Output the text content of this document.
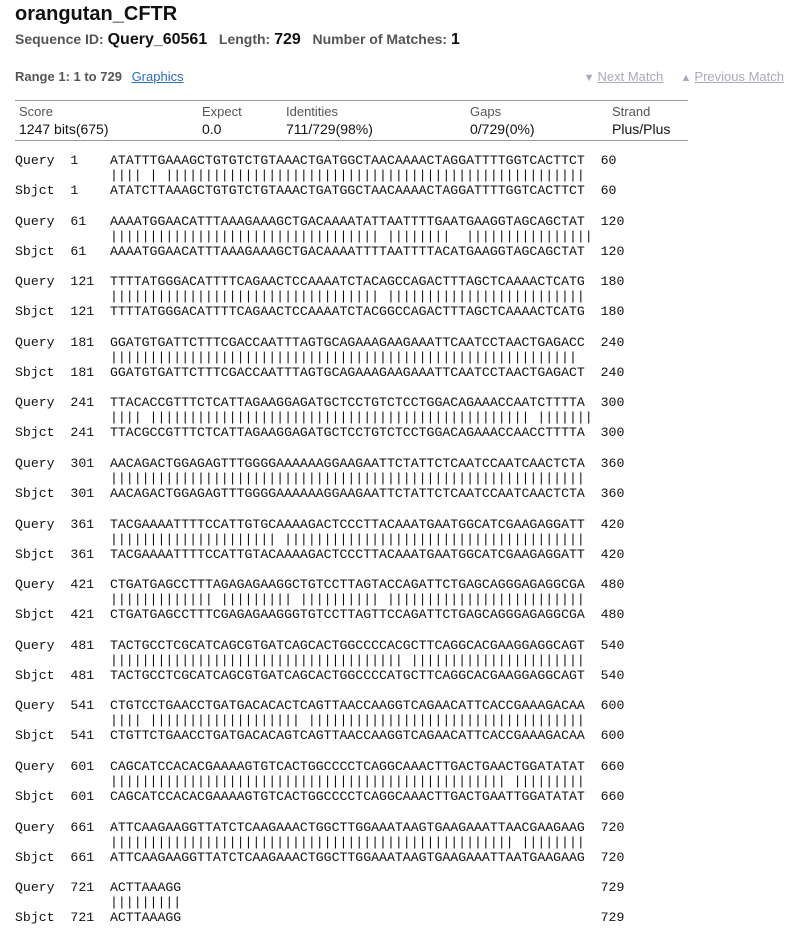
orangutan_CFTR
Sequence ID: Query_60561 Length: 729 Number of Matches: 1
Range 1: 1 to 729 Graphics	▼ Next Match ▲ Previous Match
Score	Expect	Identities	Gaps	Strand
1247 bits(675)	0.0	711/729(98%)	0/729(0%)	Plus/Plus
Query  1    ATATTTGAAAGCTGTGTCTGTAAACTGATGGCTAACAAAACTAGGATTTTGGTCACTTCT  60
|||| | |||||||||||||||||||||||||||||||||||||||||||||||||||||
Sbjct  1    ATATCTTAAAGCTGTGTCTGTAAACTGATGGCTAACAAAACTAGGATTTTGGTCACTTCT  60
Query  61   AAAATGGAACATTTAAAGAAAGCTGACAAAATATTAATTTTGAATGAAGGTAGCAGCTAT  120
|||||||||||||||||||||||||||||||||| ||||||||  ||||||||||||||||
Sbjct  61   AAAATGGAACATTTAAAGAAAGCTGACAAAATTTTAATTTTACATGAAGGTAGCAGCTAT  120
Query  121  TTTTATGGGACATTTTCAGAACTCCAAAATCTACAGCCAGACTTTAGCTCAAAACTCATG  180
|||||||||||||||||||||||||||||||||| |||||||||||||||||||||||||
Sbjct  121  TTTTATGGGACATTTTCAGAACTCCAAAATCTACGGCCAGACTTTAGCTCAAAACTCATG  180
Query  181  GGATGTGATTCTTTCGACCAATTTAGTGCAGAAAGAAGAAATTCAATCCTAACTGAGACC  240
|||||||||||||||||||||||||||||||||||||||||||||||||||||||||||
Sbjct  181  GGATGTGATTCTTTCGACCAATTTAGTGCAGAAAGAAGAAATTCAATCCTAACTGAGACT  240
Query  241  TTACACCGTTTCTCATTAGAAGGAGATGCTCCTGTCTCCTGGACAGAAACCAATCTTTTA  300
|||| |||||||||||||||||||||||||||||||||||||||||||||||| |||||||
Sbjct  241  TTACGCCGTTTCTCATTAGAAGGAGATGCTCCTGTCTCCTGGACAGAAACCAACCTTTTA  300
Query  301  AACAGACTGGAGAGTTTGGGGAAAAAAGGAAGAATTCTATTCTCAATCCAATCAACTCTA  360
||||||||||||||||||||||||||||||||||||||||||||||||||||||||||||
Sbjct  301  AACAGACTGGAGAGTTTGGGGAAAAAAGGAAGAATTCTATTCTCAATCCAATCAACTCTA  360
Query  361  TACGAAAATTTTCCATTGTGCAAAAGACTCCCTTACAAATGAATGGCATCGAAGAGGATT  420
||||||||||||||||||||| ||||||||||||||||||||||||||||||||||||||
Sbjct  361  TACGAAAATTTTCCATTGTACAAAAGACTCCCTTACAAATGAATGGCATCGAAGAGGATT  420
Query  421  CTGATGAGCCTTTAGAGAGAAGGCTGTCCTTAGTACCAGATTCTGAGCAGGGAGAGGCGA  480
||||||||||||| ||||||||| |||||||||| |||||||||||||||||||||||||
Sbjct  421  CTGATGAGCCTTTCGAGAGAAGGGTGTCCTTAGTTCCAGATTCTGAGCAGGGAGAGGCGA  480
Query  481  TACTGCCTCGCATCAGCGTGATCAGCACTGGCCCCACGCTTCAGGCACGAAGGAGGCAGT  540
||||||||||||||||||||||||||||||||||||| ||||||||||||||||||||||
Sbjct  481  TACTGCCTCGCATCAGCGTGATCAGCACTGGCCCCATGCTTCAGGCACGAAGGAGGCAGT  540
Query  541  CTGTCCTGAACCTGATGACACACTCAGTTAACCAAGGTCAGAACATTCACCGAAAGACAA  600
|||| ||||||||||||||||||| |||||||||||||||||||||||||||||||||||
Sbjct  541  CTGTTCTGAACCTGATGACACAGTCAGTTAACCAAGGTCAGAACATTCACCGAAAGACAA  600
Query  601  CAGCATCCACACGAAAAGTGTCACTGGCCCCTCAGGCAAACTTGACTGAACTGGATATAT  660
|||||||||||||||||||||||||||||||||||||||||||||||||| |||||||||
Sbjct  601  CAGCATCCACACGAAAAGTGTCACTGGCCCCTCAGGCAAACTTGACTGAATTGGATATAT  660
Query  661  ATTCAAGAAGGTTATCTCAAGAAACTGGCTTGGAAATAAGTGAAGAAATTAACGAAGAAG  720
||||||||||||||||||||||||||||||||||||||||||||||||||| ||||||||
Sbjct  661  ATTCAAGAAGGTTATCTCAAGAAACTGGCTTGGAAATAAGTGAAGAAATTAATGAAGAAG  720
Query  721  ACTTAAAGG                                                     729
|||||||||
Sbjct  721  ACTTAAAGG                                                     729
